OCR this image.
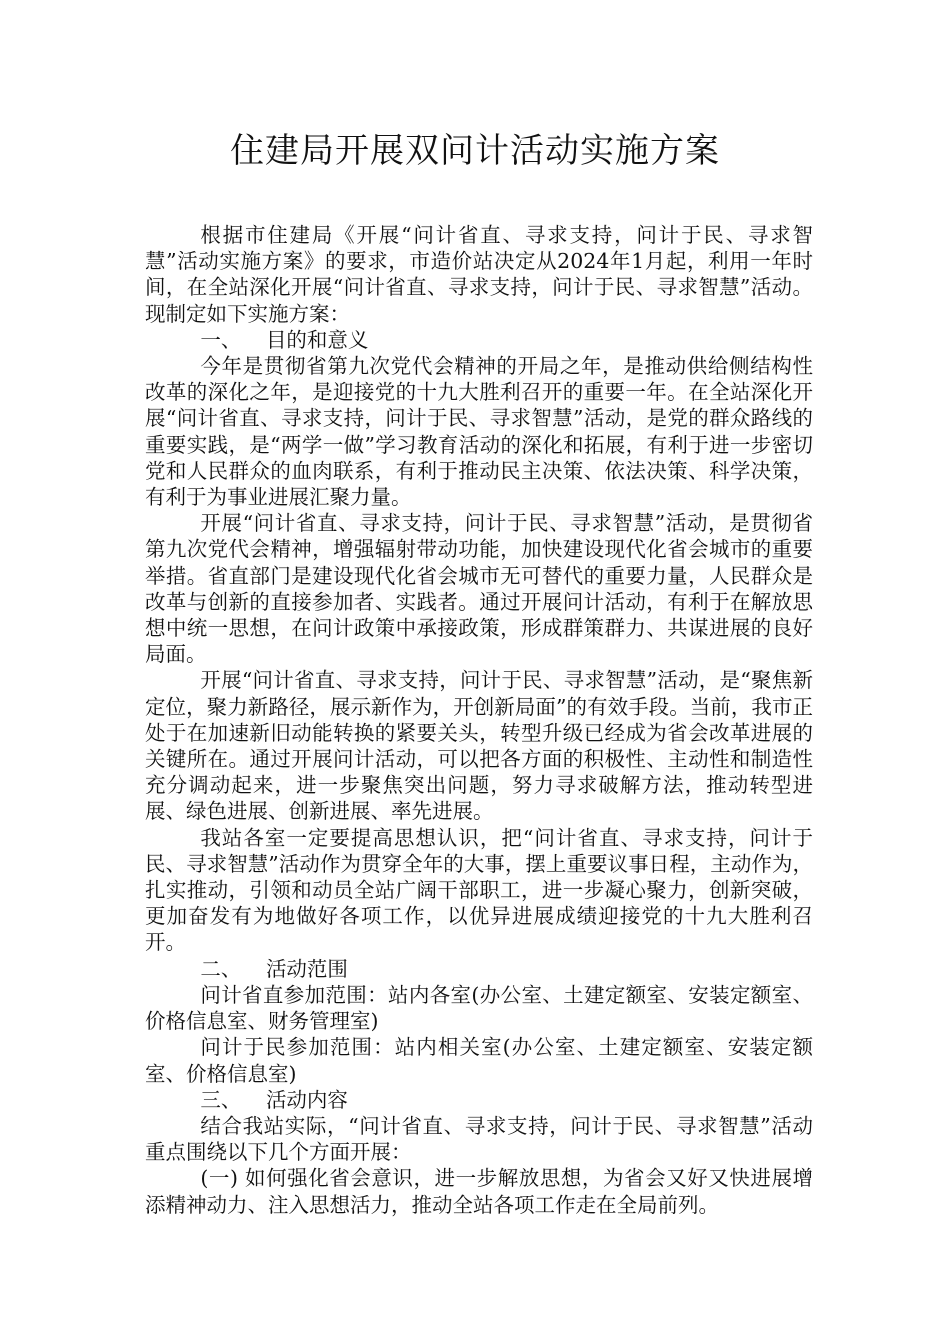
住建局开展双问计活动实施方案

根据市住建局《开展“问计省直、寻求支持，问计于民、寻求智慧”活动实施方案》的要求，市造价站决定从2024年1月起，利用一年时间，在全站深化开展“问计省直、寻求支持，问计于民、寻求智慧”活动。现制定如下实施方案：

一、 目的和意义

今年是贯彻省第九次党代会精神的开局之年，是推动供给侧结构性改革的深化之年，是迎接党的十九大胜利召开的重要一年。在全站深化开展“问计省直、寻求支持，问计于民、寻求智慧”活动，是党的群众路线的重要实践，是“两学一做”学习教育活动的深化和拓展，有利于进一步密切党和人民群众的血肉联系，有利于推动民主决策、依法决策、科学决策，有利于为事业进展汇聚力量。

开展“问计省直、寻求支持，问计于民、寻求智慧”活动，是贯彻省第九次党代会精神，增强辐射带动功能，加快建设现代化省会城市的重要举措。省直部门是建设现代化省会城市无可替代的重要力量，人民群众是改革与创新的直接参加者、实践者。通过开展问计活动，有利于在解放思想中统一思想，在问计政策中承接政策，形成群策群力、共谋进展的良好局面。

开展“问计省直、寻求支持，问计于民、寻求智慧”活动，是“聚焦新定位，聚力新路径，展示新作为，开创新局面”的有效手段。当前，我市正处于在加速新旧动能转换的紧要关头，转型升级已经成为省会改革进展的关键所在。通过开展问计活动，可以把各方面的积极性、主动性和制造性充分调动起来，进一步聚焦突出问题，努力寻求破解方法，推动转型进展、绿色进展、创新进展、率先进展。

我站各室一定要提高思想认识，把“问计省直、寻求支持，问计于民、寻求智慧”活动作为贯穿全年的大事，摆上重要议事日程，主动作为，扎实推动，引领和动员全站广阔干部职工，进一步凝心聚力，创新突破，更加奋发有为地做好各项工作，以优异进展成绩迎接党的十九大胜利召开。

二、 活动范围

问计省直参加范围：站内各室(办公室、土建定额室、安装定额室、价格信息室、财务管理室)

问计于民参加范围：站内相关室(办公室、土建定额室、安装定额室、价格信息室)

三、 活动内容

结合我站实际，“问计省直、寻求支持，问计于民、寻求智慧”活动重点围绕以下几个方面开展：

(一) 如何强化省会意识，进一步解放思想，为省会又好又快进展增添精神动力、注入思想活力，推动全站各项工作走在全局前列。
